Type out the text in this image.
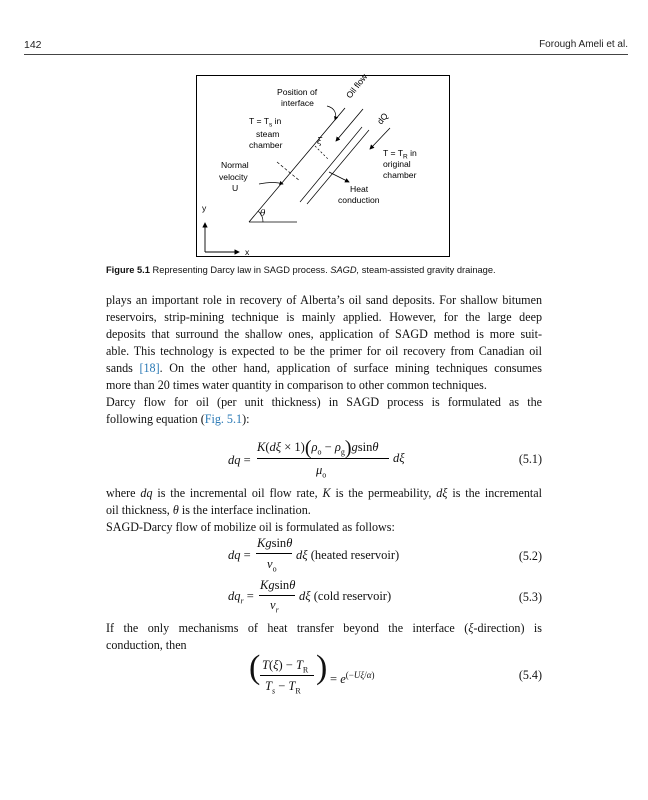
142	Forough Ameli et al.
Position of
interface
Oil flow
dQ
$T = T_s$ in
steam
chamber	ξ
$T = T_R$ in
original
chamber
Normal
velocity
U	Heat
conduction
θ
y
x
Figure 5.1 Representing Darcy law in SAGD process. SAGD, steam-assisted gravity drainage.
plays an important role in recovery of Alberta’s oil sand deposits. For shallow bitumen
reservoirs, strip-mining technique is mainly applied. However, for the large deep
deposits that surround the shallow ones, application of SAGD method is more suit-
able. This technology is expected to be the primer for oil recovery from Canadian oil
sands [18]. On the other hand, application of surface mining techniques consumes
more than 20 times water quantity in comparison to other common techniques.
Darcy flow for oil (per unit thickness) in SAGD process is formulated as the
following equation (Fig. 5.1):
dq =
$K(d\xi \times 1)(\rho_o - \rho_g)gsin\theta$
$\mu_o$
dξ	(5.1)
where dq is the incremental oil flow rate, K is the permeability, dξ is the incremental
oil thickness, θ is the interface inclination.
SAGD-Darcy flow of mobilize oil is formulated as follows:
dq =
Kgsinθ
$\nu_o$
dξ (heated reservoir)	(5.2)
$dq_r$ =
Kgsinθ
$\nu_r$
dξ (cold reservoir)	(5.3)
If the only mechanisms of heat transfer beyond the interface (ξ-direction) is
conduction, then
( $T(\xi) - T_R$
$T_s - T_R$
) = $e^{(-U\xi/\alpha)}$	(5.4)
